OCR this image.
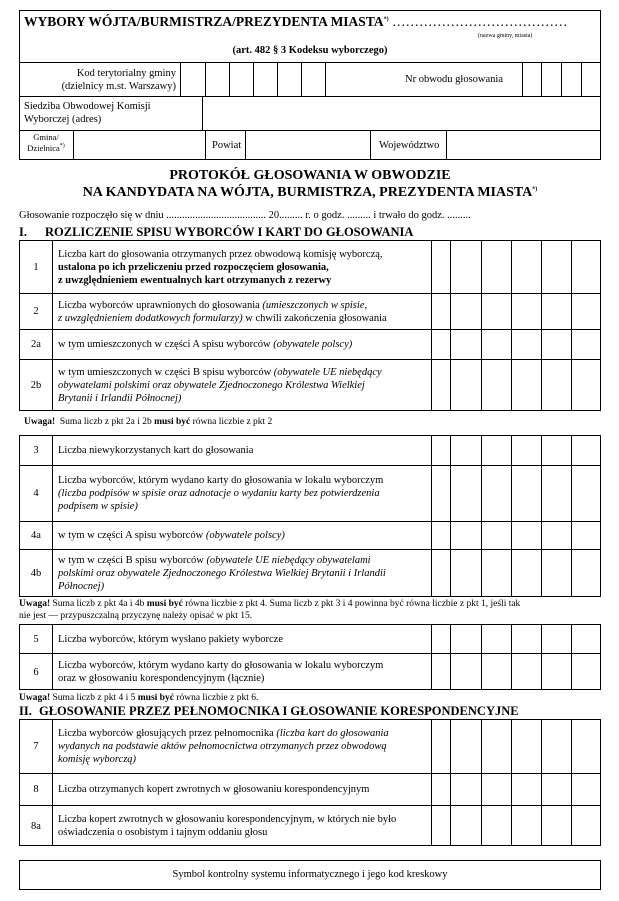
WYBORY WÓJTA/BURMISTRZA/PREZYDENTA MIASTA*) …………………………………
(nazwa gminy, miasta)
(art. 482 § 3 Kodeksu wyborczego)
Kod terytorialny gminy
(dzielnicy m.st. Warszawy)
Nr obwodu głosowania
Siedziba Obwodowej Komisji
Wyborczej (adres)
Gmina/
Dzielnica*)	Powiat	Województwo
PROTOKÓŁ GŁOSOWANIA W OBWODZIE
NA KANDYDATA NA WÓJTA, BURMISTRZA, PREZYDENTA MIASTA*)
Głosowanie rozpoczęło się w dniu ...................................... 20......... r. o godz. ......... i trwało do godz. .........
I. ROZLICZENIE SPISU WYBORCÓW I KART DO GŁOSOWANIA
1
Liczba kart do głosowania otrzymanych przez obwodową komisję wyborczą,
ustalona po ich przeliczeniu przed rozpoczęciem głosowania,
z uwzględnieniem ewentualnych kart otrzymanych z rezerwy
2
Liczba wyborców uprawnionych do głosowania (umieszczonych w spisie,
z uwzględnieniem dodatkowych formularzy) w chwili zakończenia głosowania
2a	w tym umieszczonych w części A spisu wyborców (obywatele polscy)
2b
w tym umieszczonych w części B spisu wyborców (obywatele UE niebędący
obywatelami polskimi oraz obywatele Zjednoczonego Królestwa Wielkiej
Brytanii i Irlandii Północnej)
Uwaga! Suma liczb z pkt 2a i 2b musi być równa liczbie z pkt 2
3	Liczba niewykorzystanych kart do głosowania
4
Liczba wyborców, którym wydano karty do głosowania w lokalu wyborczym
(liczba podpisów w spisie oraz adnotacje o wydaniu karty bez potwierdzenia
podpisem w spisie)
4a	w tym w części A spisu wyborców (obywatele polscy)
4b
w tym w części B spisu wyborców (obywatele UE niebędący obywatelami
polskimi oraz obywatele Zjednoczonego Królestwa Wielkiej Brytanii i Irlandii
Północnej)
Uwaga! Suma liczb z pkt 4a i 4b musi być równa liczbie z pkt 4. Suma liczb z pkt 3 i 4 powinna być równa liczbie z pkt 1, jeśli tak
nie jest — przypuszczalną przyczynę należy opisać w pkt 15.
5	Liczba wyborców, którym wysłano pakiety wyborcze
6
Liczba wyborców, którym wydano karty do głosowania w lokalu wyborczym
oraz w głosowaniu korespondencyjnym (łącznie)
Uwaga! Suma liczb z pkt 4 i 5 musi być równa liczbie z pkt 6.
II. GŁOSOWANIE PRZEZ PEŁNOMOCNIKA I GŁOSOWANIE KORESPONDENCYJNE
7
Liczba wyborców głosujących przez pełnomocnika (liczba kart do głosowania
wydanych na podstawie aktów pełnomocnictwa otrzymanych przez obwodową
komisję wyborczą)
8	Liczba otrzymanych kopert zwrotnych w głosowaniu korespondencyjnym
8a
Liczba kopert zwrotnych w głosowaniu korespondencyjnym, w których nie było
oświadczenia o osobistym i tajnym oddaniu głosu
Symbol kontrolny systemu informatycznego i jego kod kreskowy
